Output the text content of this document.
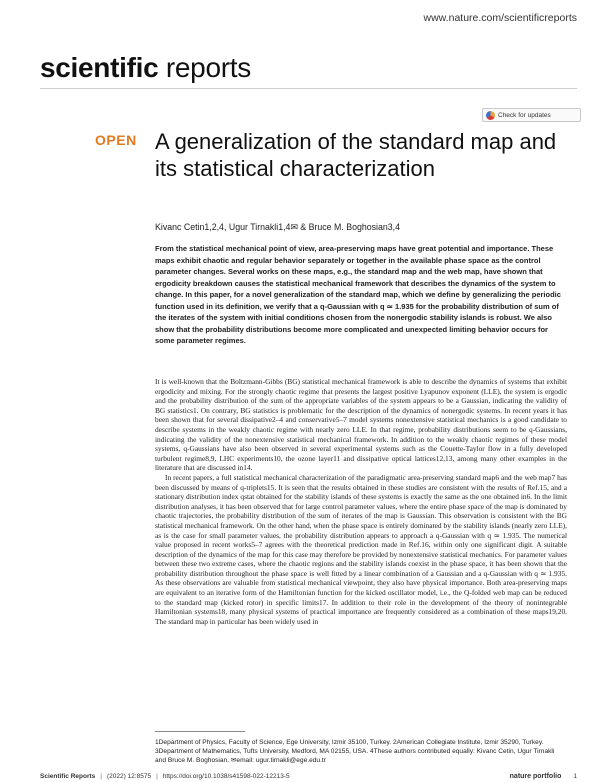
www.nature.com/scientificreports
scientific reports
Check for updates
OPEN A generalization of the standard map and its statistical characterization
Kivanc Cetin1,2,4, Ugur Tirnakli1,4✉ & Bruce M. Boghosian3,4

From the statistical mechanical point of view, area-preserving maps have great potential and importance. These maps exhibit chaotic and regular behavior separately or together in the available phase space as the control parameter changes. Several works on these maps, e.g., the standard map and the web map, have shown that ergodicity breakdown causes the statistical mechanical framework that describes the dynamics of the system to change. In this paper, for a novel generalization of the standard map, which we define by generalizing the periodic function used in its definition, we verify that a q-Gaussian with q ≃ 1.935 for the probability distribution of sum of the iterates of the system with initial conditions chosen from the nonergodic stability islands is robust. We also show that the probability distributions become more complicated and unexpected limiting behavior occurs for some parameter regimes.

It is well-known that the Boltzmann-Gibbs (BG) statistical mechanical framework is able to describe the dynamics of systems that exhibit ergodicity and mixing. For the strongly chaotic regime that presents the largest positive Lyapunov exponent (LLE), the system is ergodic and the probability distribution of the sum of the appropriate variables of the system appears to be a Gaussian, indicating the validity of BG statistics1. On contrary, BG statistics is problematic for the description of the dynamics of nonergodic systems. In recent years it has been shown that for several dissipative2–4 and conservative5–7 model systems nonextensive statistical mechanics is a good candidate to describe systems in the weakly chaotic regime with nearly zero LLE. In that regime, probability distributions seem to be q-Gaussians, indicating the validity of the nonextensive statistical mechanical framework. In addition to the weakly chaotic regimes of these model systems, q-Gaussians have also been observed in several experimental systems such as the Couette-Taylor flow in a fully developed turbulent regime8,9, LHC experiments10, the ozone layer11 and dissipative optical lattices12,13, among many other examples in the literature that are discussed in14.

In recent papers, a full statistical mechanical characterization of the paradigmatic area-preserving standard map6 and the web map7 has been discussed by means of q-triplets15. It is seen that the results obtained in these studies are consistent with the results of Ref.15, and a stationary distribution index qstat obtained for the stability islands of these systems is exactly the same as the one obtained in6. In the limit distribution analyses, it has been observed that for large control parameter values, where the entire phase space of the map is dominated by chaotic trajectories, the probability distribution of the sum of iterates of the map is Gaussian. This observation is consistent with the BG statistical mechanical framework. On the other hand, when the phase space is entirely dominated by the stability islands (nearly zero LLE), as is the case for small parameter values, the probability distribution appears to approach a q-Gaussian with q ≃ 1.935. The numerical value proposed in recent works5–7 agrees with the theoretical prediction made in Ref.16, within only one significant digit. A suitable description of the dynamics of the map for this case may therefore be provided by nonextensive statistical mechanics. For parameter values between these two extreme cases, where the chaotic regions and the stability islands coexist in the phase space, it has been shown that the probability distribution throughout the phase space is well fitted by a linear combination of a Gaussian and a q-Gaussian with q ≃ 1.935. As these observations are valuable from statistical mechanical viewpoint, they also have physical importance. Both area-preserving maps are equivalent to an iterative form of the Hamiltonian function for the kicked oscillator model, i.e., the Q-folded web map can be reduced to the standard map (kicked rotor) in specific limits17. In addition to their role in the development of the theory of nonintegrable Hamiltonian systems18, many physical systems of practical importance are frequently considered as a combination of these maps19,20. The standard map in particular has been widely used in

1Department of Physics, Faculty of Science, Ege University, Izmir 35100, Turkey. 2American Collegiate Institute, Izmir 35290, Turkey. 3Department of Mathematics, Tufts University, Medford, MA 02155, USA. 4These authors contributed equally: Kivanc Cetin, Ugur Tirnakli and Bruce M. Boghosian. ✉email: ugur.tirnakli@ege.edu.tr

Scientific Reports | (2022) 12:8575 | https://doi.org/10.1038/s41598-022-12213-5	nature portfolio 1
